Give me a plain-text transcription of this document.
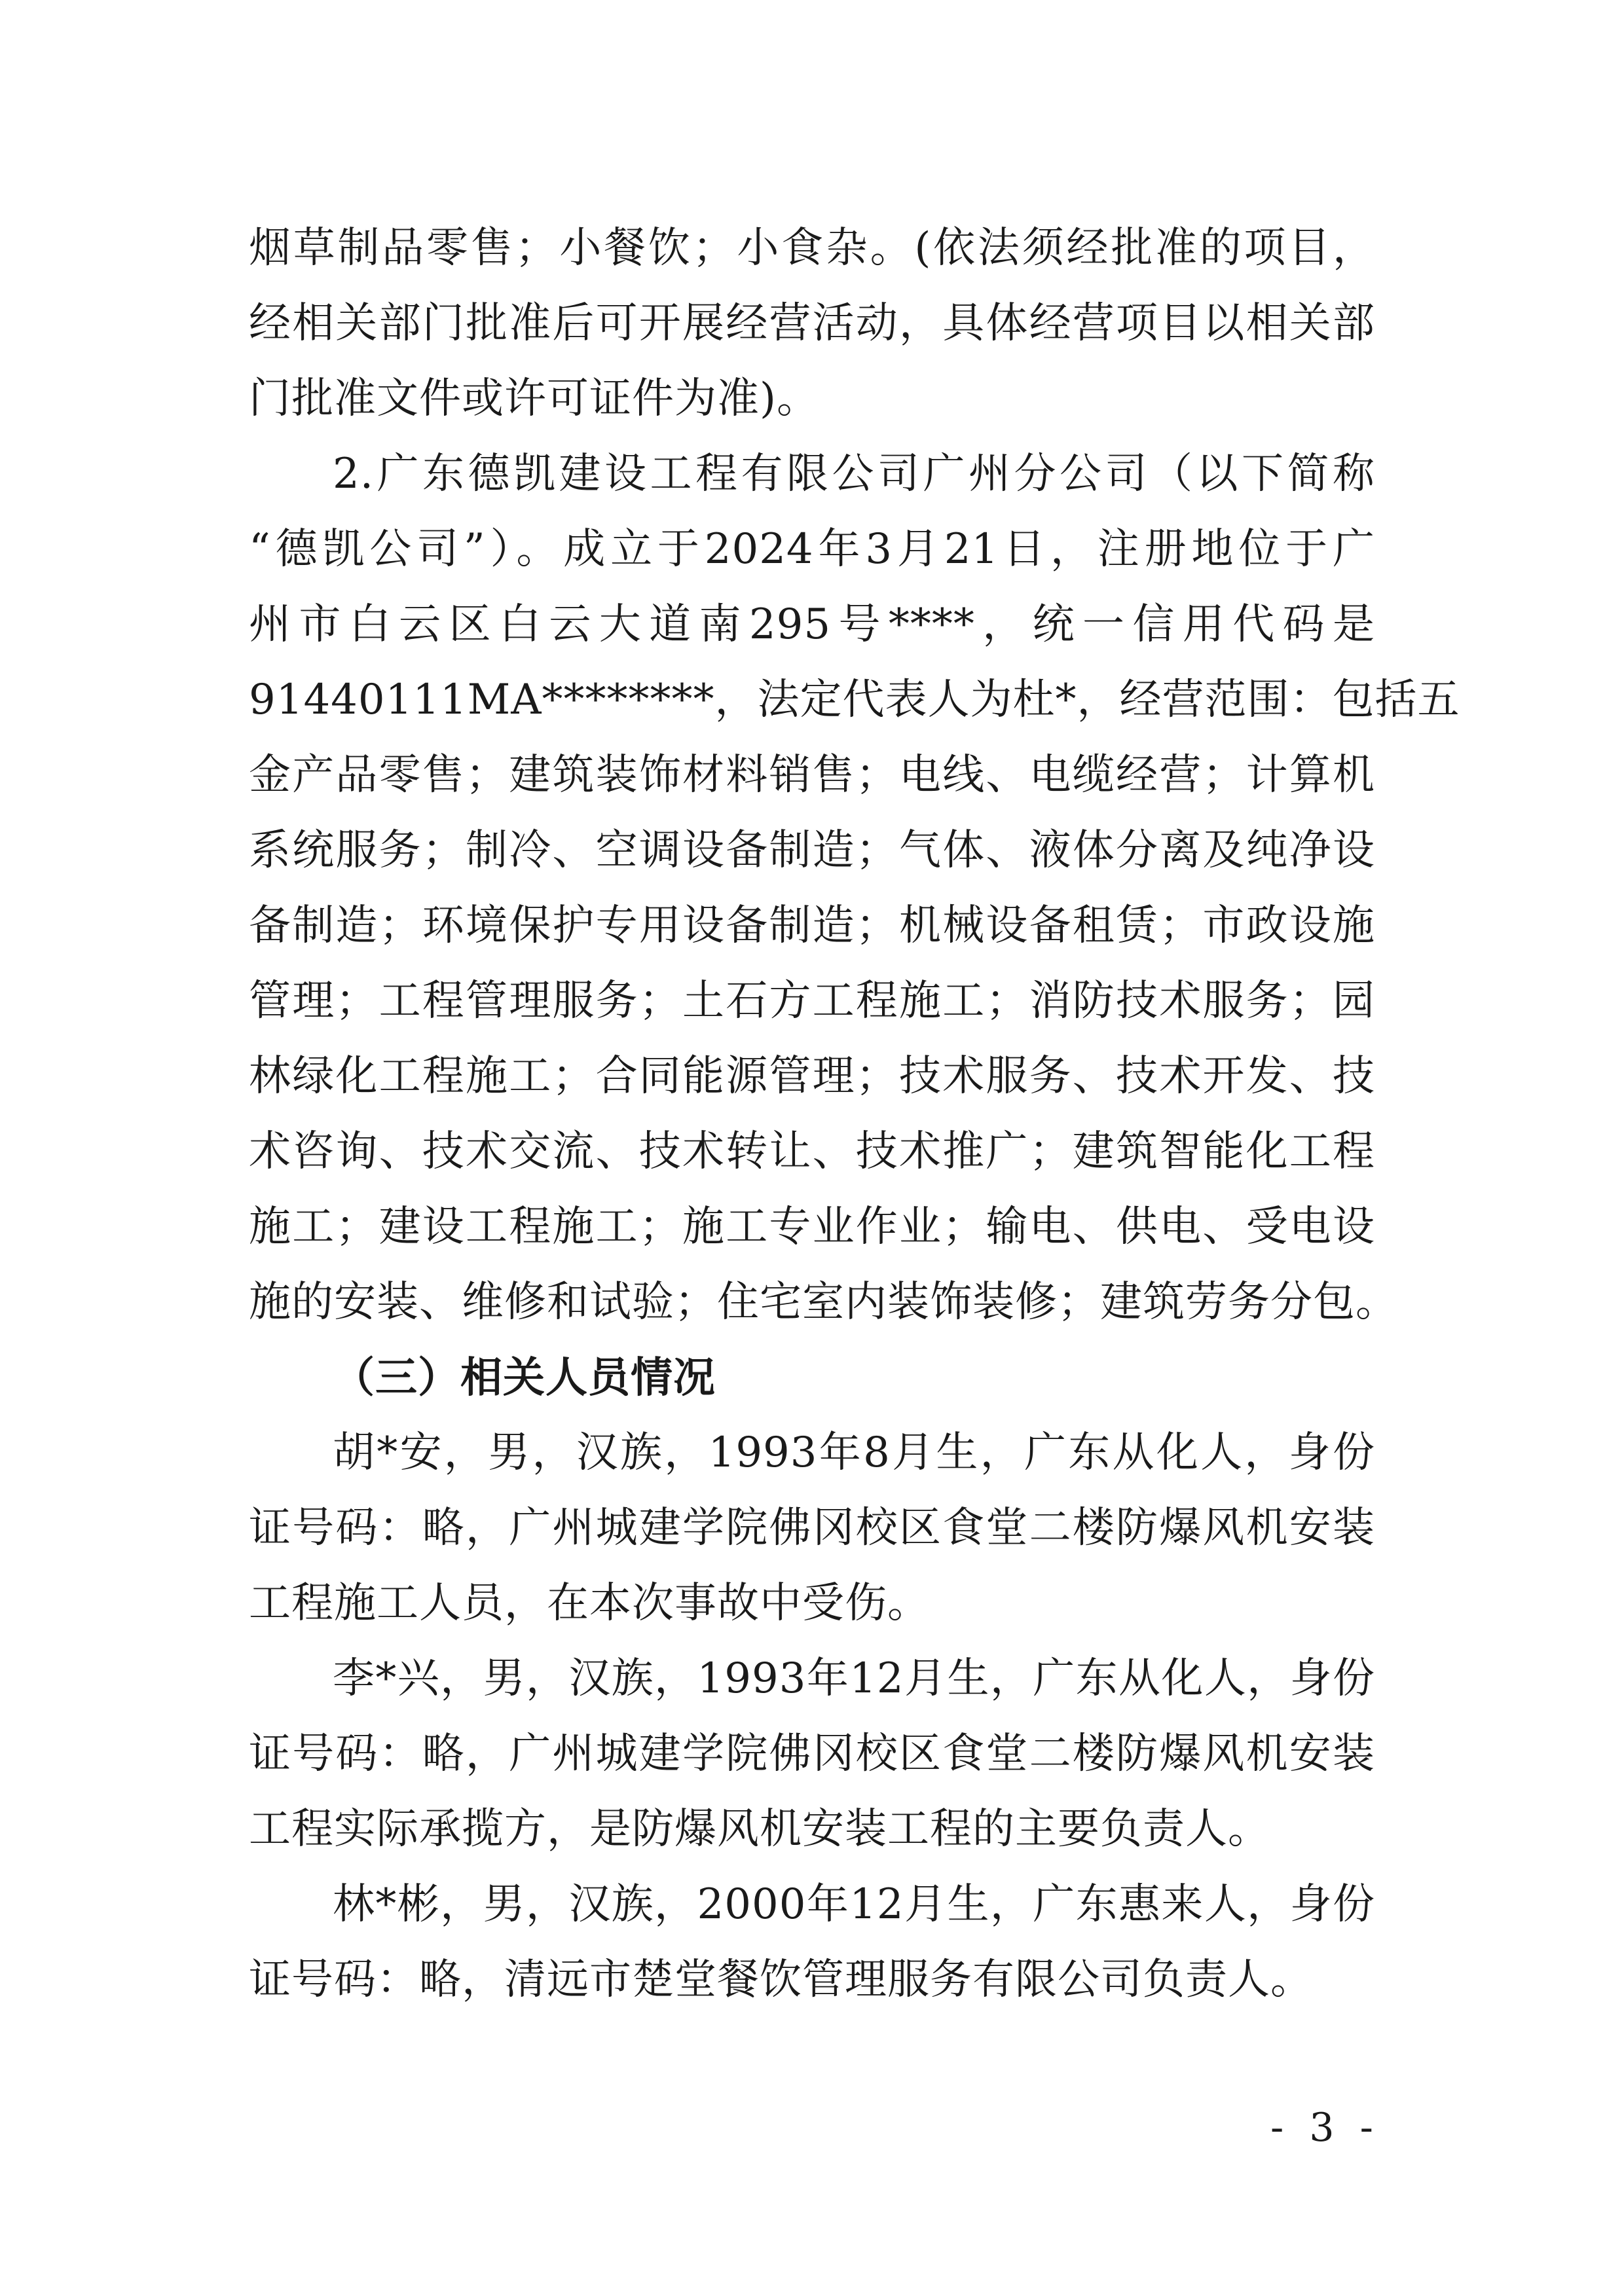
烟草制品零售；小餐饮；小食杂。(依法须经批准的项目，
经相关部门批准后可开展经营活动，具体经营项目以相关部
门批准文件或许可证件为准)。
2.广东德凯建设工程有限公司广州分公司（以下简称
“德凯公司”）。成立于2024年3月21日，注册地位于广
州市白云区白云大道南295号****，统一信用代码是
91440111MA********，法定代表人为杜*，经营范围：包括五
金产品零售；建筑装饰材料销售；电线、电缆经营；计算机
系统服务；制冷、空调设备制造；气体、液体分离及纯净设
备制造；环境保护专用设备制造；机械设备租赁；市政设施
管理；工程管理服务；土石方工程施工；消防技术服务；园
林绿化工程施工；合同能源管理；技术服务、技术开发、技
术咨询、技术交流、技术转让、技术推广；建筑智能化工程
施工；建设工程施工；施工专业作业；输电、供电、受电设
施的安装、维修和试验；住宅室内装饰装修；建筑劳务分包。
（三）相关人员情况
胡*安，男，汉族，1993年8月生，广东从化人，身份
证号码：略，广州城建学院佛冈校区食堂二楼防爆风机安装
工程施工人员，在本次事故中受伤。
李*兴，男，汉族，1993年12月生，广东从化人，身份
证号码：略，广州城建学院佛冈校区食堂二楼防爆风机安装
工程实际承揽方，是防爆风机安装工程的主要负责人。
林*彬，男，汉族，2000年12月生，广东惠来人，身份
证号码：略，清远市楚堂餐饮管理服务有限公司负责人。
- 3 -
